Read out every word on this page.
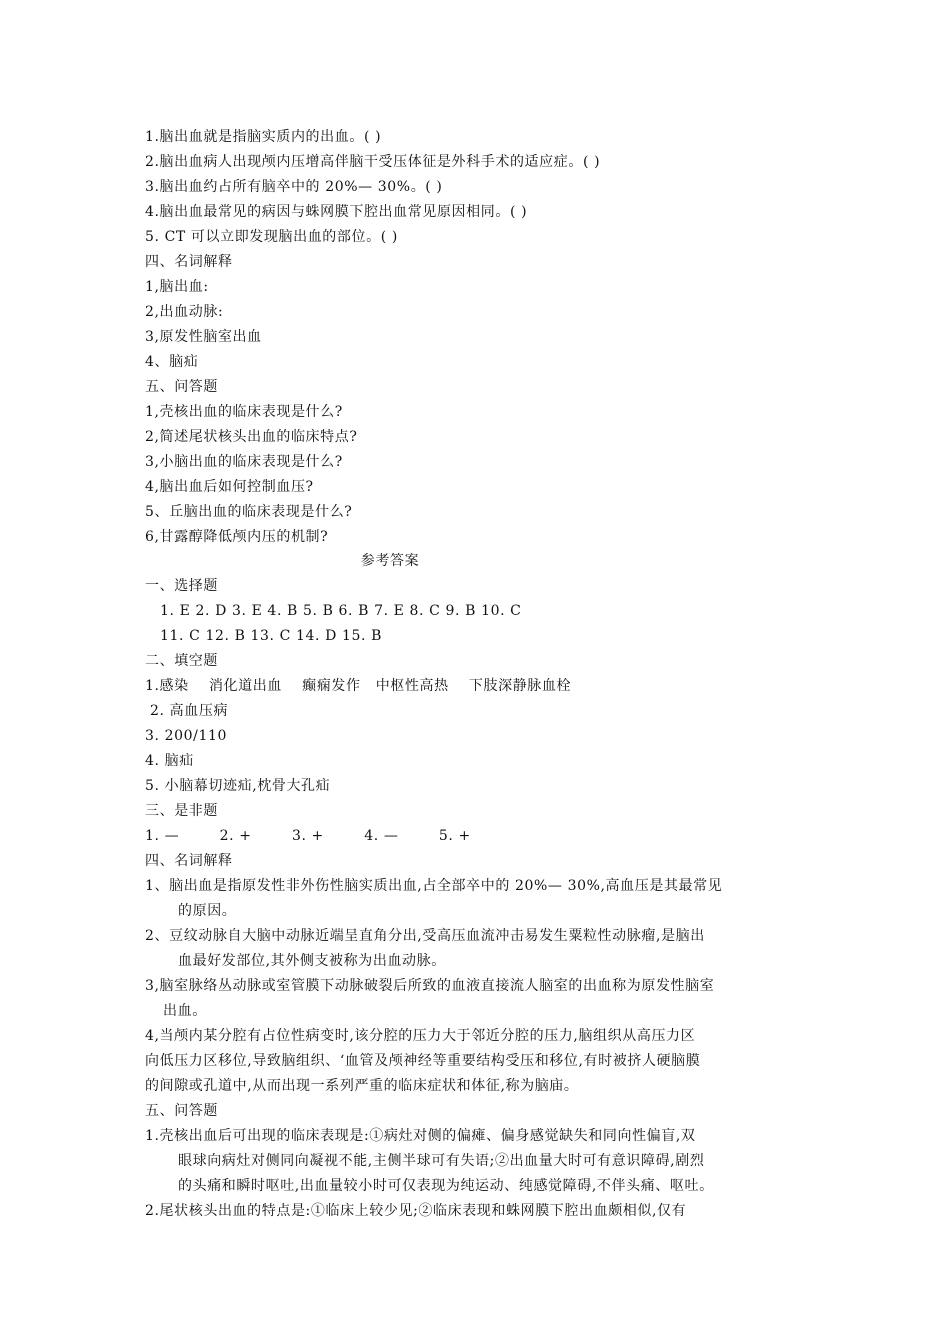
参考答案
1.脑出血就是指脑实质内的出血。( )
2.脑出血病人出现颅内压增高伴脑干受压体征是外科手术的适应症。( )
3.脑出血约占所有脑卒中的 20%— 30%。( )
4.脑出血最常见的病因与蛛网膜下腔出血常见原因相同。( )
5. CT 可以立即发现脑出血的部位。( )
四、名词解释
1,脑出血:
2,出血动脉:
3,原发性脑室出血
4、脑疝
五、问答题
1,壳核出血的临床表现是什么?
2,简述尾状核头出血的临床特点?
3,小脑出血的临床表现是什么?
4,脑出血后如何控制血压?
5、丘脑出血的临床表现是什么?
6,甘露醇降低颅内压的机制?
一、选择题
1. E 2. D 3. E 4. B 5. B 6. B 7. E 8. C 9. B 10. C
11. C 12. B 13. C 14. D 15. B
二、填空题
1.感染    消化道出血    癫痫发作   中枢性高热    下肢深静脉血栓
2. 高血压病
3. 200/110
4. 脑疝
5. 小脑幕切迹疝,枕骨大孔疝
三、是非题
1. —        2. +        3. +        4. —        5. +
四、名词解释
1、脑出血是指原发性非外伤性脑实质出血,占全部卒中的 20%— 30%,高血压是其最常见
的原因。
2、豆纹动脉自大脑中动脉近端呈直角分出,受高压血流冲击易发生粟粒性动脉瘤,是脑出
血最好发部位,其外侧支被称为出血动脉。
3,脑室脉络丛动脉或室管膜下动脉破裂后所致的血液直接流人脑室的出血称为原发性脑室
出血。
4,当颅内某分腔有占位性病变时,该分腔的压力大于邻近分腔的压力,脑组织从高压力区
向低压力区移位,导致脑组织、‘血管及颅神经等重要结构受压和移位,有时被挤人硬脑膜
的间隙或孔道中,从而出现一系列严重的临床症状和体征,称为脑庙。
五、问答题
1.壳核出血后可出现的临床表现是:①病灶对侧的偏瘫、偏身感觉缺失和同向性偏盲,双
眼球向病灶对侧同向凝视不能,主侧半球可有失语;②出血量大时可有意识障碍,剧烈
的头痛和瞬时呕吐,出血量较小时可仅表现为纯运动、纯感觉障碍,不伴头痛、呕吐。
2.尾状核头出血的特点是:①临床上较少见;②临床表现和蛛网膜下腔出血颇相似,仅有
